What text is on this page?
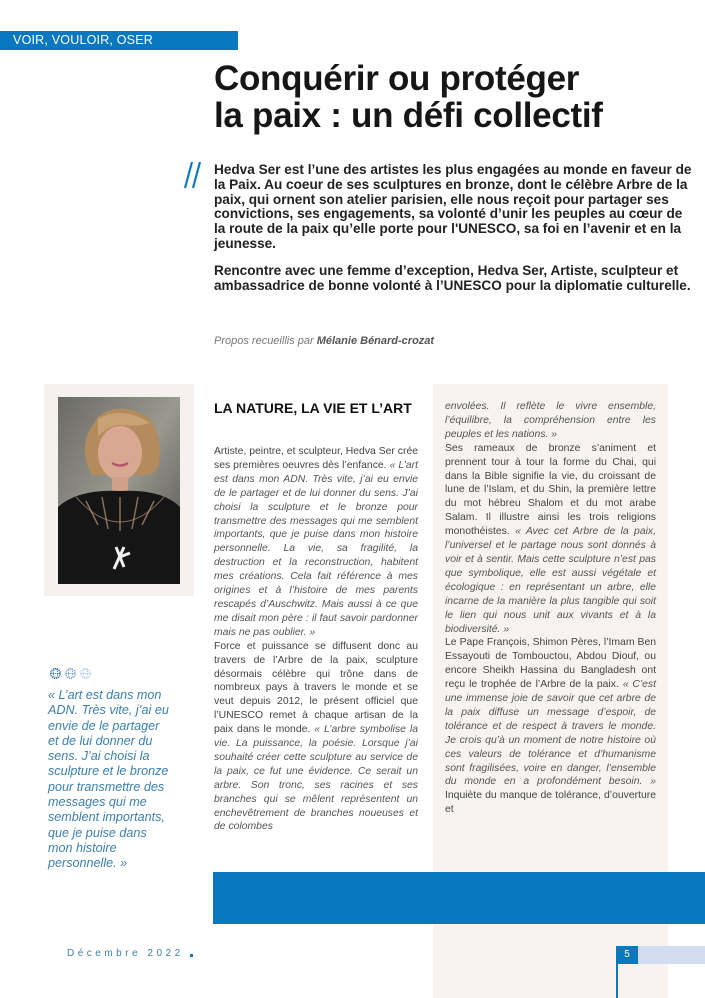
VOIR, VOULOIR, OSER
Conquérir ou protéger
la paix : un défi collectif

Hedva Ser est l’une des artistes les plus engagées au monde en faveur de la Paix. Au coeur de ses sculptures en bronze, dont le célèbre Arbre de la paix, qui ornent son atelier parisien, elle nous reçoit pour partager ses convictions, ses engagements, sa volonté d’unir les peuples au cœur de la route de la paix qu’elle porte pour l'UNESCO, sa foi en l’avenir et en la jeunesse.

Rencontre avec une femme d’exception, Hedva Ser, Artiste, sculpteur et ambassadrice de bonne volonté à l’UNESCO pour la diplomatie culturelle.

Propos recueillis par Mélanie Bénard-crozat
LA NATURE, LA VIE ET L’ART

Artiste, peintre, et sculpteur, Hedva Ser crée ses premières oeuvres dès l’enfance. « L’art est dans mon ADN. Très vite, j’ai eu envie de le partager et de lui donner du sens. J’ai choisi la sculpture et le bronze pour transmettre des messages qui me semblent importants, que je puise dans mon histoire personnelle. La vie, sa fragilité, la destruction et la reconstruction, habitent mes créations. Cela fait référence à mes origines et à l’histoire de mes parents rescapés d’Auschwitz. Mais aussi à ce que me disait mon père : il faut savoir pardonner mais ne pas oublier. »

Force et puissance se diffusent donc au travers de l’Arbre de la paix, sculpture désormais célèbre qui trône dans de nombreux pays à travers le monde et se veut depuis 2012, le présent officiel que l’UNESCO remet à chaque artisan de la paix dans le monde. « L’arbre symbolise la vie. La puissance, la poésie. Lorsque j’ai souhaité créer cette sculpture au service de la paix, ce fut une évidence. Ce serait un arbre. Son tronc, ses racines et ses branches qui se mêlent représentent un enchevêtrement de branches noueuses et de colombes

envolées. Il reflète le vivre ensemble, l’équilibre, la compréhension entre les peuples et les nations. »

Ses rameaux de bronze s’animent et prennent tour à tour la forme du Chai, qui dans la Bible signifie la vie, du croissant de lune de l’Islam, et du Shin, la première lettre du mot hébreu Shalom et du mot arabe Salam. Il illustre ainsi les trois religions monothéistes. « Avec cet Arbre de la paix, l’universel et le partage nous sont donnés à voir et à sentir. Mais cette sculpture n’est pas que symbolique, elle est aussi végétale et écologique : en représentant un arbre, elle incarne de la manière la plus tangible qui soit le lien qui nous unit aux vivants et à la biodiversité. »

Le Pape François, Shimon Pères, l’Imam Ben Essayouti de Tombouctou, Abdou Diouf, ou encore Sheikh Hassina du Bangladesh ont reçu le trophée de l’Arbre de la paix. « C’est une immense joie de savoir que cet arbre de la paix diffuse un message d’espoir, de tolérance et de respect à travers le monde. Je crois qu’à un moment de notre histoire où ces valeurs de tolérance et d’humanisme sont fragilisées, voire en danger, l’ensemble du monde en a profondément besoin. » Inquiète du manque de tolérance, d’ouverture et

« L’art est dans mon ADN. Très vite, j’ai eu envie de le partager et de lui donner du sens. J’ai choisi la sculpture et le bronze pour transmettre des messages qui me semblent importants, que je puise dans mon histoire personnelle. »
Décembre 2022	5
